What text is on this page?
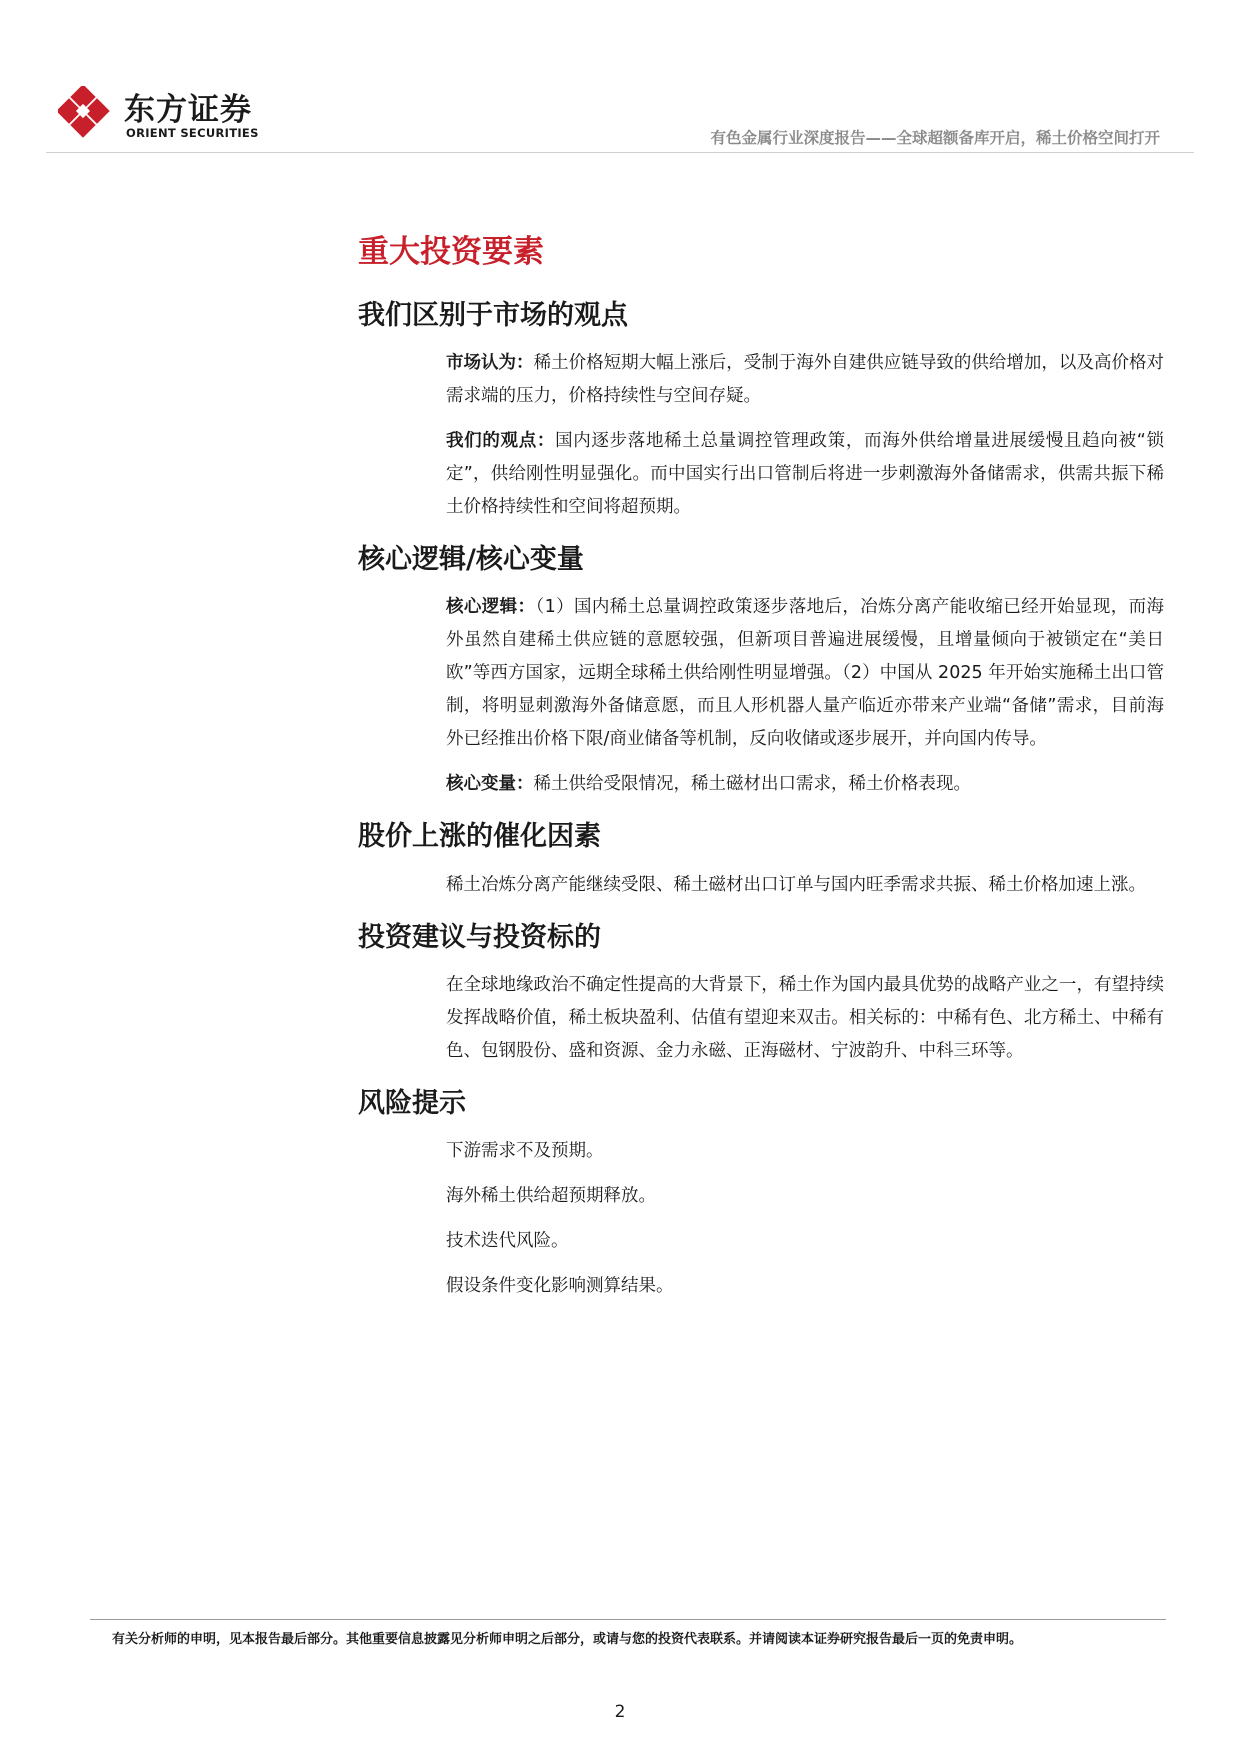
东方证券
ORIENT SECURITIES	有色金属行业深度报告——全球超额备库开启，稀土价格空间打开
重大投资要素
我们区别于市场的观点

市场认为：稀土价格短期大幅上涨后，受制于海外自建供应链导致的供给增加，以及高价格对需求端的压力，价格持续性与空间存疑。

我们的观点：国内逐步落地稀土总量调控管理政策，而海外供给增量进展缓慢且趋向被“锁定”，供给刚性明显强化。而中国实行出口管制后将进一步刺激海外备储需求，供需共振下稀土价格持续性和空间将超预期。

核心逻辑/核心变量

核心逻辑：（1）国内稀土总量调控政策逐步落地后，冶炼分离产能收缩已经开始显现，而海外虽然自建稀土供应链的意愿较强，但新项目普遍进展缓慢，且增量倾向于被锁定在“美日欧”等西方国家，远期全球稀土供给刚性明显增强。（2）中国从 2025 年开始实施稀土出口管制，将明显刺激海外备储意愿，而且人形机器人量产临近亦带来产业端“备储”需求，目前海外已经推出价格下限/商业储备等机制，反向收储或逐步展开，并向国内传导。

核心变量：稀土供给受限情况，稀土磁材出口需求，稀土价格表现。

股价上涨的催化因素

稀土冶炼分离产能继续受限、稀土磁材出口订单与国内旺季需求共振、稀土价格加速上涨。

投资建议与投资标的

在全球地缘政治不确定性提高的大背景下，稀土作为国内最具优势的战略产业之一，有望持续发挥战略价值，稀土板块盈利、估值有望迎来双击。相关标的：中稀有色、北方稀土、中稀有色、包钢股份、盛和资源、金力永磁、正海磁材、宁波韵升、中科三环等。

风险提示

下游需求不及预期。

海外稀土供给超预期释放。

技术迭代风险。

假设条件变化影响测算结果。

有关分析师的申明，见本报告最后部分。其他重要信息披露见分析师申明之后部分，或请与您的投资代表联系。并请阅读本证券研究报告最后一页的免责申明。
2
